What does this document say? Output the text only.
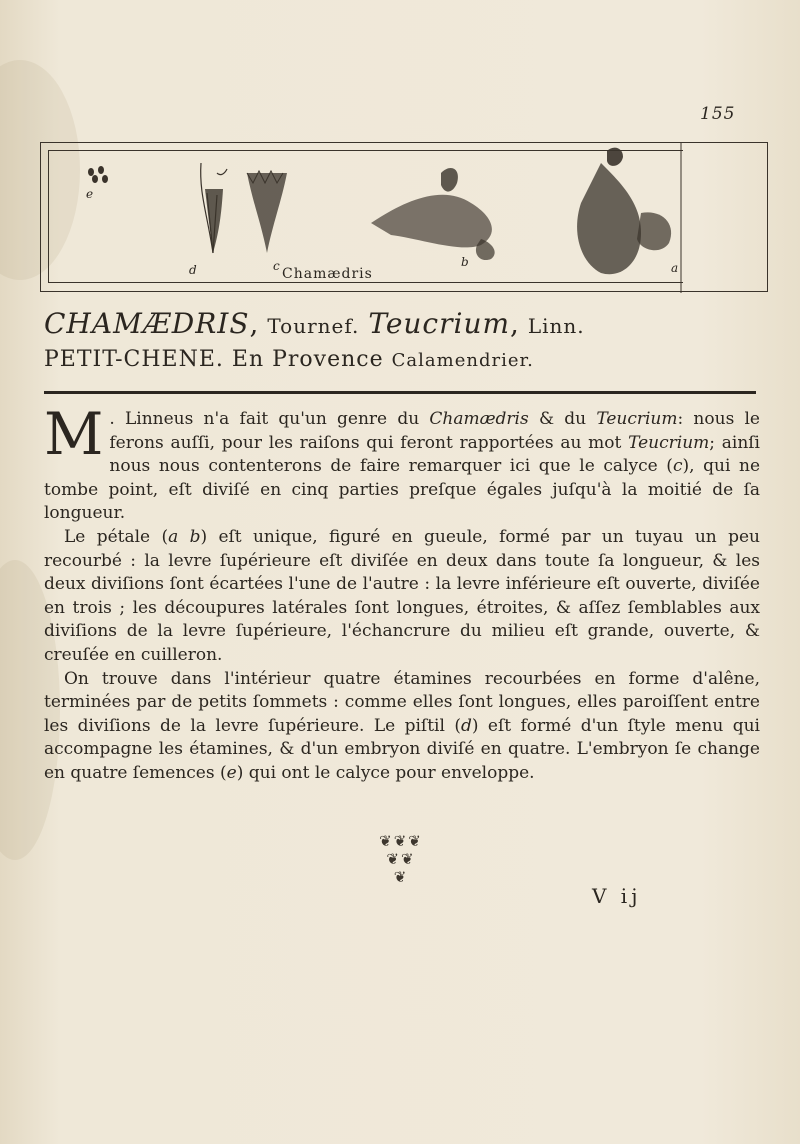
155
e
d	c	b	a
Chamædris
CHAMÆDRIS, Tournef. Teucrium, Linn.
PETIT-CHENE. En Provence Calamendrier.

M . Linneus n'a fait qu'un genre du Chamædris & du Teucrium: nous le ferons auſſi, pour les raiſons qui feront rapportées au mot Teucrium; ainſi nous nous contenterons de faire remarquer ici que le calyce (c), qui ne tombe point, eſt diviſé en cinq parties preſque égales juſqu'à la moitié de ſa longueur.

Le pétale (a b) eſt unique, figuré en gueule, formé par un tuyau un peu recourbé : la levre ſupérieure eſt diviſée en deux dans toute ſa longueur, & les deux diviſions ſont écartées l'une de l'autre : la levre inférieure eſt ouverte, diviſée en trois ; les découpures latérales ſont longues, étroites, & aſſez ſemblables aux diviſions de la levre ſupérieure, l'échancrure du milieu eſt grande, ouverte, & creuſée en cuilleron.

On trouve dans l'intérieur quatre étamines recourbées en forme d'alêne, terminées par de petits ſommets : comme elles ſont longues, elles paroiſſent entre les diviſions de la levre ſupérieure. Le piſtil (d) eſt formé d'un ſtyle menu qui accompagne les étamines, & d'un embryon diviſé en quatre. L'embryon ſe change en quatre ſemences (e) qui ont le calyce pour enveloppe.

❦❦❦
❦❦
❦
V ij
